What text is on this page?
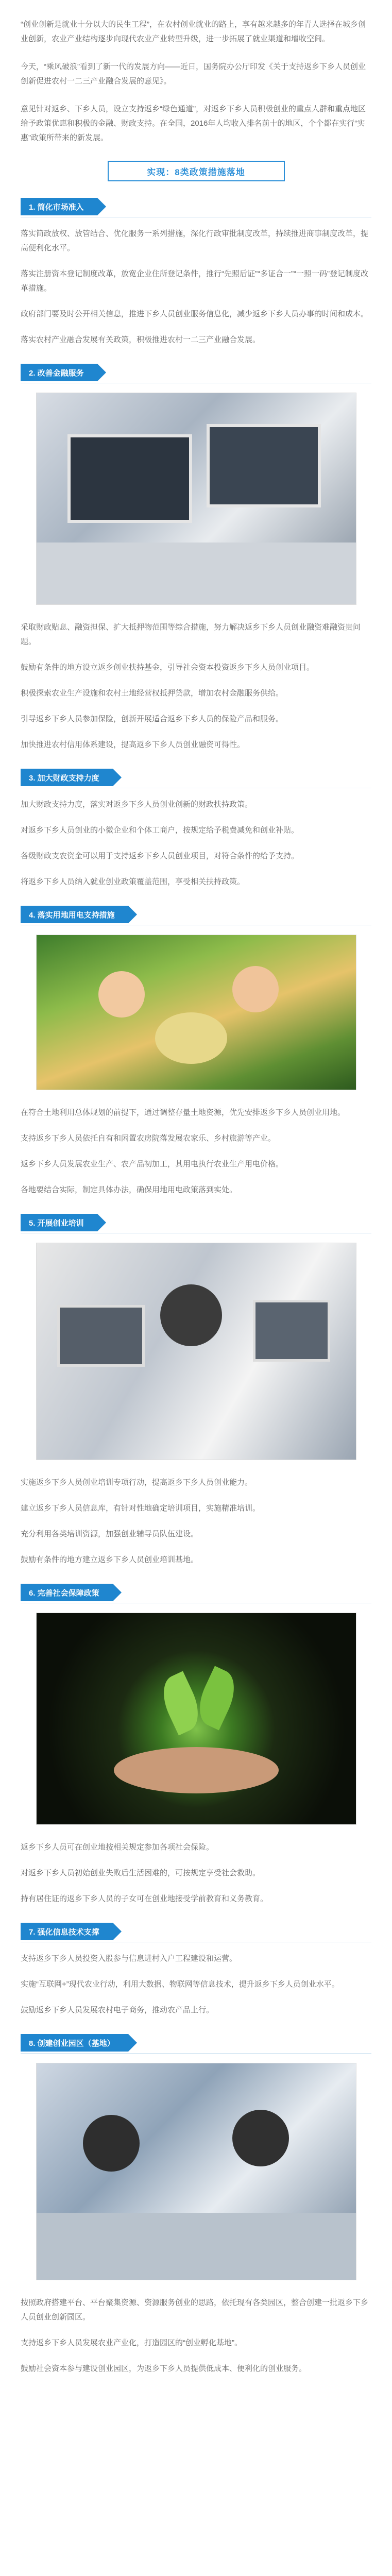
“创业创新是就业十分以大的民生工程”，在农村创业就业的路上，享有越来越多的年青人选择在城乡创业创新，农业产业结构逐步向现代农业产业转型升级，进一步拓展了就业渠道和增收空间。

今天，“乘风破浪”看到了新一代的发展方向——近日，国务院办公厅印发《关于支持返乡下乡人员创业创新促进农村一二三产业融合发展的意见》。

意见针对返乡、下乡人员，设立支持返乡“绿色通道”，对返乡下乡人员积极创业的重点人群和重点地区给予政策优惠和积极的金融、财政支持。在全国，2016年人均收入排名前十的地区，个个都在实行“实惠”政策所带来的新发展。

实现：8类政策措施落地
1. 简化市场准入

落实简政放权、放管结合、优化服务一系列措施，深化行政审批制度改革，持续推进商事制度改革，提高便利化水平。

落实注册资本登记制度改革，放宽企业住所登记条件，推行“先照后证”“多证合一”“一照一码”登记制度改革措施。

政府部门要及时公开相关信息，推进下乡人员创业服务信息化，减少返乡下乡人员办事的时间和成本。

落实农村产业融合发展有关政策，积极推进农村一二三产业融合发展。

2. 改善金融服务

采取财政贴息、融资担保、扩大抵押物范围等综合措施，努力解决返乡下乡人员创业融资难融资贵问题。

鼓励有条件的地方设立返乡创业扶持基金，引导社会资本投资返乡下乡人员创业项目。

积极探索农业生产设施和农村土地经营权抵押贷款，增加农村金融服务供给。

引导返乡下乡人员参加保险，创新开展适合返乡下乡人员的保险产品和服务。

加快推进农村信用体系建设，提高返乡下乡人员创业融资可得性。

3. 加大财政支持力度

加大财政支持力度，落实对返乡下乡人员创业创新的财政扶持政策。

对返乡下乡人员创业的小微企业和个体工商户，按规定给予税费减免和创业补贴。

各级财政支农资金可以用于支持返乡下乡人员创业项目，对符合条件的给予支持。

将返乡下乡人员纳入就业创业政策覆盖范围，享受相关扶持政策。

4. 落实用地用电支持措施

在符合土地利用总体规划的前提下，通过调整存量土地资源，优先安排返乡下乡人员创业用地。

支持返乡下乡人员依托自有和闲置农房院落发展农家乐、乡村旅游等产业。

返乡下乡人员发展农业生产、农产品初加工，其用电执行农业生产用电价格。

各地要结合实际，制定具体办法，确保用地用电政策落到实处。

5. 开展创业培训

实施返乡下乡人员创业培训专项行动，提高返乡下乡人员创业能力。

建立返乡下乡人员信息库，有针对性地确定培训项目，实施精准培训。

充分利用各类培训资源，加强创业辅导员队伍建设。

鼓励有条件的地方建立返乡下乡人员创业培训基地。

6. 完善社会保障政策

返乡下乡人员可在创业地按相关规定参加各项社会保险。

对返乡下乡人员初始创业失败后生活困难的，可按规定享受社会救助。

持有居住证的返乡下乡人员的子女可在创业地接受学前教育和义务教育。

7. 强化信息技术支撑

支持返乡下乡人员投资入股参与信息进村入户工程建设和运营。

实施“互联网+”现代农业行动，利用大数据、物联网等信息技术，提升返乡下乡人员创业水平。

鼓励返乡下乡人员发展农村电子商务，推动农产品上行。

8. 创建创业园区（基地）

按照政府搭建平台、平台聚集资源、资源服务创业的思路，依托现有各类园区，整合创建一批返乡下乡人员创业创新园区。

支持返乡下乡人员发展农业产业化，打造园区的“创业孵化基地”。

鼓励社会资本参与建设创业园区，为返乡下乡人员提供低成本、便利化的创业服务。
